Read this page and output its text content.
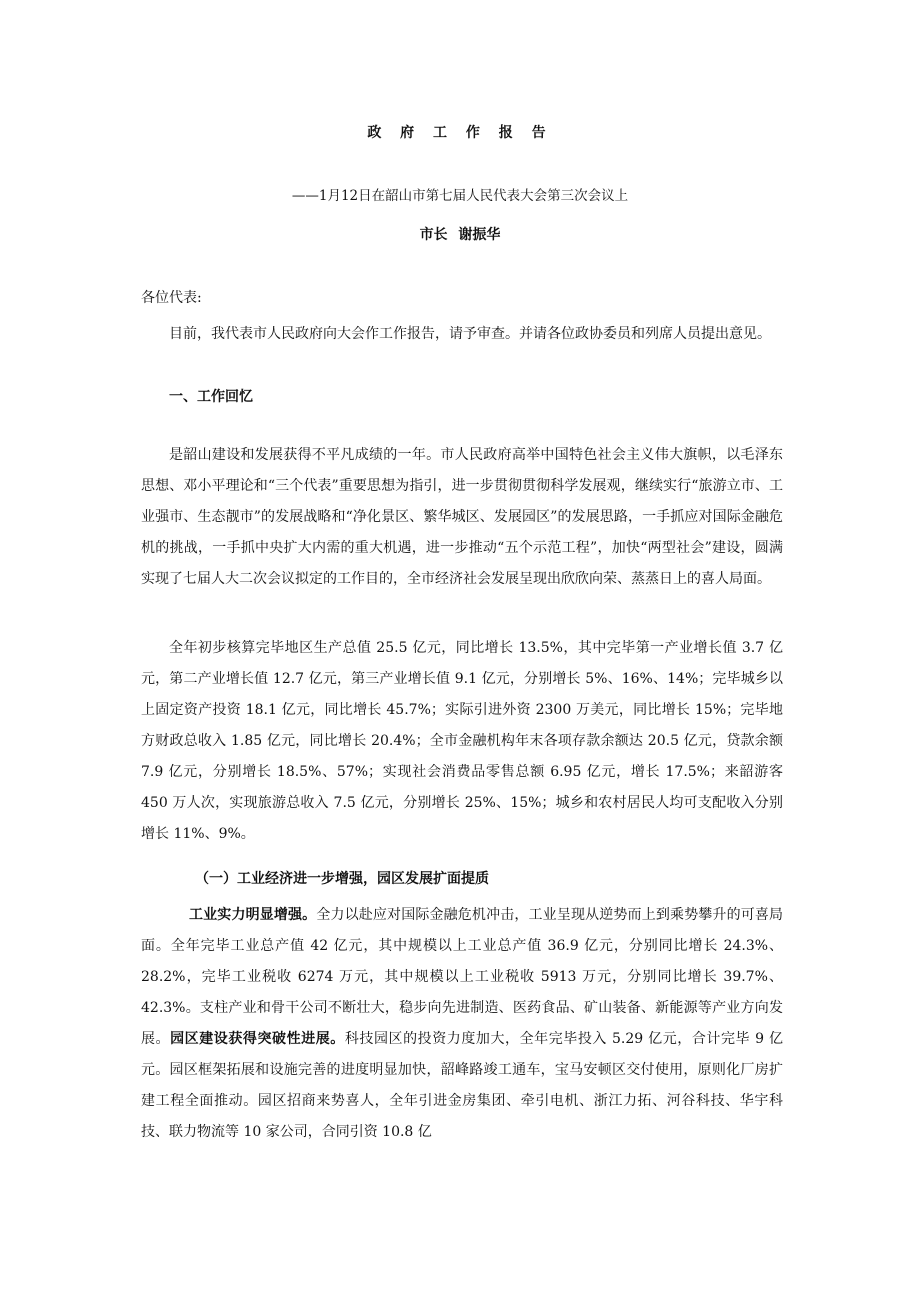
政 府 工 作 报 告
——1月12日在韶山市第七届人民代表大会第三次会议上
市长 谢振华
各位代表:
目前，我代表市人民政府向大会作工作报告，请予审查。并请各位政协委员和列席人员提出意见。
一、工作回忆
是韶山建设和发展获得不平凡成绩的一年。市人民政府高举中国特色社会主义伟大旗帜，以毛泽东思想、邓小平理论和“三个代表”重要思想为指引，进一步贯彻贯彻科学发展观，继续实行“旅游立市、工业强市、生态靓市”的发展战略和“净化景区、繁华城区、发展园区”的发展思路，一手抓应对国际金融危机的挑战，一手抓中央扩大内需的重大机遇，进一步推动“五个示范工程”，加快“两型社会”建设，圆满实现了七届人大二次会议拟定的工作目的，全市经济社会发展呈现出欣欣向荣、蒸蒸日上的喜人局面。
全年初步核算完毕地区生产总值 25.5 亿元，同比增长 13.5%，其中完毕第一产业增长值 3.7 亿元，第二产业增长值 12.7 亿元，第三产业增长值 9.1 亿元，分别增长 5%、16%、14%；完毕城乡以上固定资产投资 18.1 亿元，同比增长 45.7%；实际引进外资 2300 万美元，同比增长 15%；完毕地方财政总收入 1.85 亿元，同比增长 20.4%；全市金融机构年末各项存款余额达 20.5 亿元，贷款余额 7.9 亿元，分别增长 18.5%、57%；实现社会消费品零售总额 6.95 亿元，增长 17.5%；来韶游客 450 万人次，实现旅游总收入 7.5 亿元，分别增长 25%、15%；城乡和农村居民人均可支配收入分别增长 11%、9%。
（一）工业经济进一步增强，园区发展扩面提质
工业实力明显增强。全力以赴应对国际金融危机冲击，工业呈现从逆势而上到乘势攀升的可喜局面。全年完毕工业总产值 42 亿元，其中规模以上工业总产值 36.9 亿元，分别同比增长 24.3%、28.2%，完毕工业税收 6274 万元，其中规模以上工业税收 5913 万元，分别同比增长 39.7%、42.3%。支柱产业和骨干公司不断壮大，稳步向先进制造、医药食品、矿山装备、新能源等产业方向发展。园区建设获得突破性进展。科技园区的投资力度加大，全年完毕投入 5.29 亿元，合计完毕 9 亿元。园区框架拓展和设施完善的进度明显加快，韶峰路竣工通车，宝马安顿区交付使用，原则化厂房扩建工程全面推动。园区招商来势喜人，全年引进金房集团、牵引电机、浙江力拓、河谷科技、华宇科技、联力物流等 10 家公司，合同引资 10.8 亿
